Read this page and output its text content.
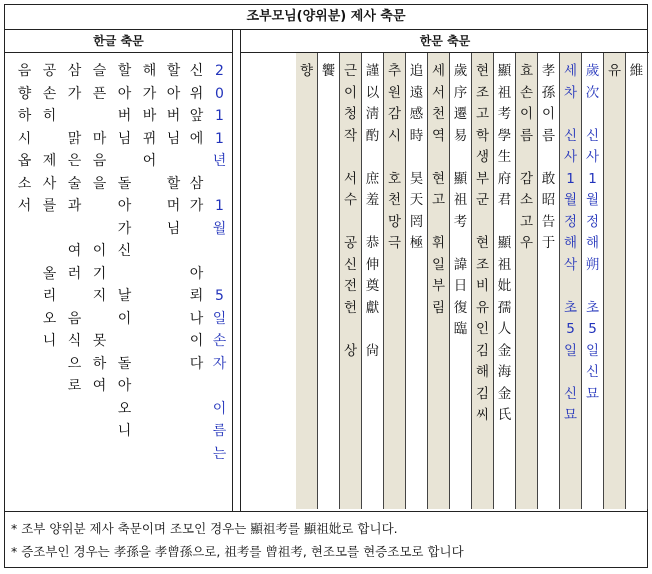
조부모님(양위분) 제사 축문
한글 축문
2
0
1
1
년

1
월

5
일
손
자

이
름
는
신
위
앞
에

삼
가

아
뢰
나
이
다
할
아
버
님

할
머
님
해
가
바
뀌
어
할
아
버
님

돌
아
가
신

날
이

돌
아
오
니
슬
픈

마
음
을

이
기
지

못
하
여
삼
가

맑
은
술
과

여
러

음
식
으
로
공
손
히

제
사
를

올
리
오
니
음
향
하
시
옵
소
서
한문 축문
維
유
歲
次

신
사
1
월
정
해
朔

초
5
일
신
묘
세
차

신
사
1
월
정
해
삭

초
5
일

신
묘
孝
孫
이
름

敢
昭
告
于
효
손
이
름

감
소
고
우
顯
祖
考
學
生
府
君

顯
祖
妣
孺
人
金
海
金
氏
현
조
고
학
생
부
군

현
조
비
유
인
김
해
김
씨
歲
序
遷
易

顯
祖
考

諱
日
復
臨
세
서
천
역

현
고

휘
일
부
림
追
遠
感
時

昊
天
罔
極
추
원
감
시

호
천
망
극
謹
以
淸
酌

庶
羞

恭
伸
奠
獻

尙
근
이
청
작

서
수

공
신
전
헌

상
饗
향
* 조부 양위분 제사 축문이며 조모인 경우는 顯祖考를 顯祖妣로 합니다.
* 증조부인 경우는 孝孫을 孝曾孫으로, 祖考를 曾祖考, 현조모를 현증조모로 합니다
